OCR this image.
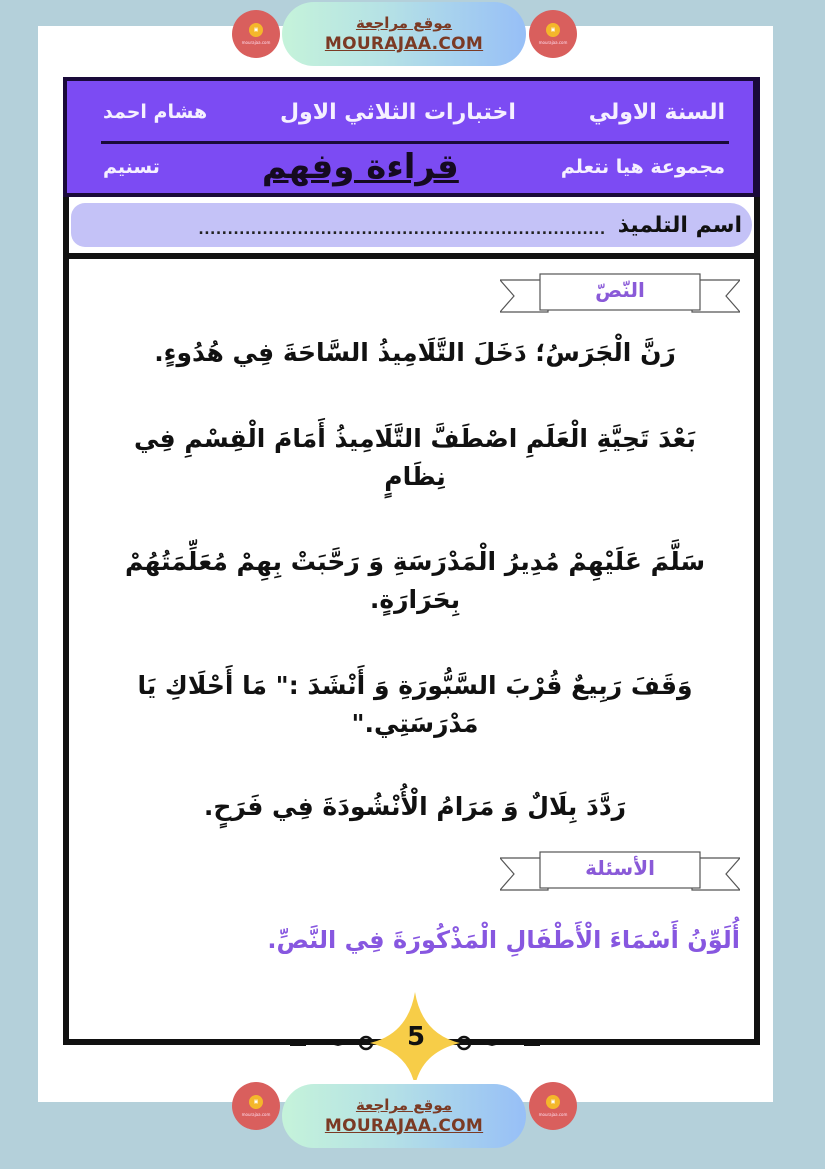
▣
mourajaa.com
موقع مراجعة
MOURAJAA.COM
▣
mourajaa.com
السنة الاولي
اختبارات الثلاثي الاول
هشام احمد
مجموعة هيا نتعلم
قراءة وفهم
تسنيم
اسم التلميذ
......................................................................
النّصّ
رَنَّ الْجَرَسُ؛ دَخَلَ التَّلَامِيذُ السَّاحَةَ فِي هُدُوءٍ.
بَعْدَ تَحِيَّةِ الْعَلَمِ اصْطَفَّ التَّلَامِيذُ أَمَامَ الْقِسْمِ فِي نِظَامٍ
سَلَّمَ عَلَيْهِمْ مُدِيرُ الْمَدْرَسَةِ وَ رَحَّبَتْ بِهِمْ مُعَلِّمَتُهُمْ بِحَرَارَةٍ.
وَقَفَ رَبِيعٌ قُرْبَ السَّبُّورَةِ وَ أَنْشَدَ :" مَا أَحْلَاكِ يَا مَدْرَسَتِي."
رَدَّدَ بِلَالٌ وَ مَرَامُ الْأُنْشُودَةَ فِي فَرَحٍ.
الأسئلة
أُلَوِّنُ أَسْمَاءَ الْأَطْفَالِ الْمَذْكُورَةَ فِي النَّصِّ.
5
▣
mourajaa.com
موقع مراجعة
MOURAJAA.COM
▣
mourajaa.com
